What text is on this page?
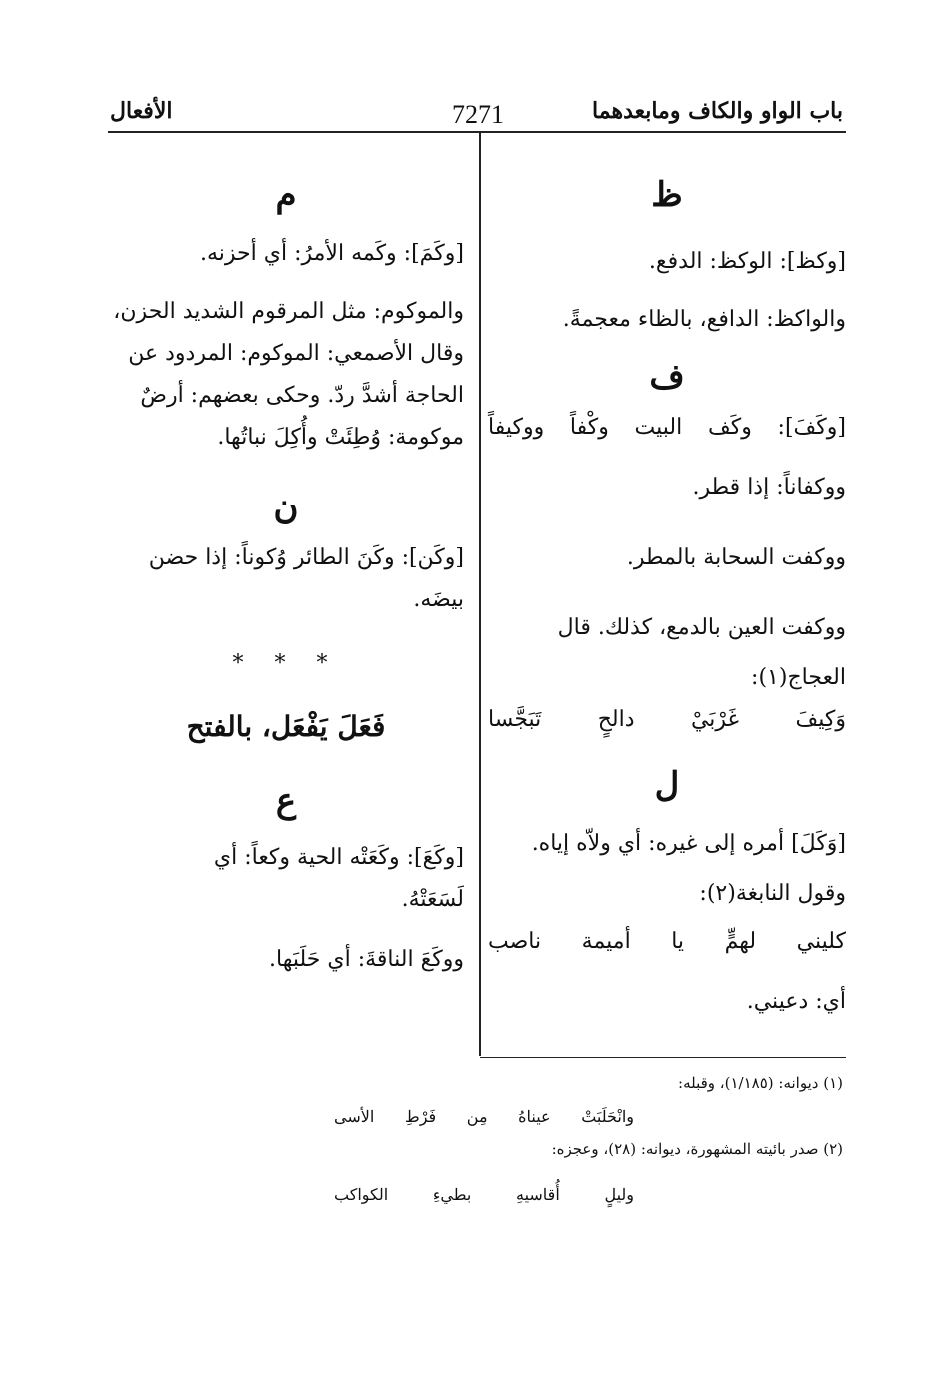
باب الواو والكاف ومابعدهما
7271
الأفعال
ظ

[وكظ]: الوكظ: الدفع.

والواكظ: الدافع، بالظاء معجمةً.

ف

[وكَفَ]: وكَف البيت وكْفاً ووكيفاً

ووكفاناً: إذا قطر.

ووكفت السحابة بالمطر.

ووكفت العين بالدمع، كذلك. قال

العجاج(١):

وَكِيفَ غَرْبَيْ دالحٍ تَبَجَّسا

ل

[وَكَلَ] أمره إلى غيره: أي ولاّه إياه.

وقول النابغة(٢):

كليني لهمٍّ يا أميمة ناصب

أي: دعيني.

م

[وكَمَ]: وكَمه الأمرُ: أي أحزنه.

والموكوم: مثل المرقوم الشديد الحزن،

وقال الأصمعي: الموكوم: المردود عن

الحاجة أشدَّ ردّ. وحكى بعضهم: أرضٌ

موكومة: وُطِئَتْ وأُكِلَ نباتُها.

ن

[وكَن]: وكَنَ الطائر وُكوناً: إذا حضن

بيضَه.

* * *
فَعَلَ يَفْعَل، بالفتح
ع

[وكَعَ]: وكَعَتْه الحية وكعاً: أي

لَسَعَتْهُ.

ووكَعَ الناقةَ: أي حَلَبَها.

(١) ديوانه: (١/١٨٥)، وقبله:
وانْحَلَبَتْ عيناهُ مِن فَرْطِ الأسى
(٢) صدر بائيته المشهورة، ديوانه: (٢٨)، وعجزه:
وليلٍ أُقاسيهِ بطيءِ الكواكب
